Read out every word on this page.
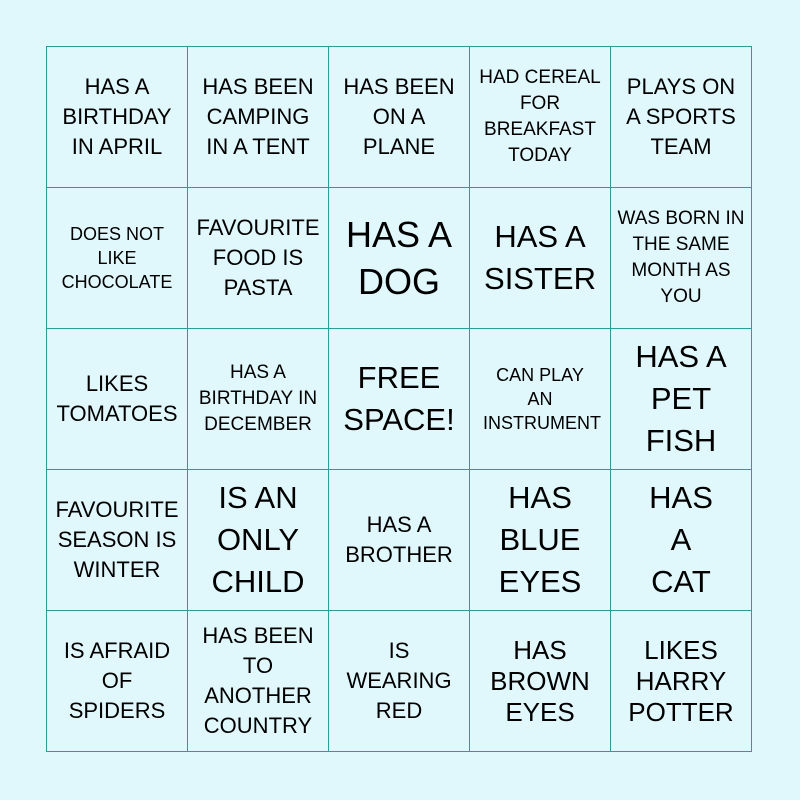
HAS A BIRTHDAY IN APRIL
HAS BEEN CAMPING IN A TENT
HAS BEEN ON A PLANE
HAD CEREAL FOR BREAKFAST TODAY
PLAYS ON A SPORTS TEAM
DOES NOT LIKE CHOCOLATE
FAVOURITE FOOD IS PASTA
HAS A DOG
HAS A SISTER
WAS BORN IN THE SAME MONTH AS YOU
LIKES TOMATOES
HAS A BIRTHDAY IN DECEMBER
FREE SPACE!
CAN PLAY AN INSTRUMENT
HAS A PET FISH
FAVOURITE SEASON IS WINTER
IS AN ONLY CHILD
HAS A BROTHER
HAS BLUE EYES
HAS A CAT
IS AFRAID OF SPIDERS
HAS BEEN TO ANOTHER COUNTRY
IS WEARING RED
HAS BROWN EYES
LIKES HARRY POTTER
